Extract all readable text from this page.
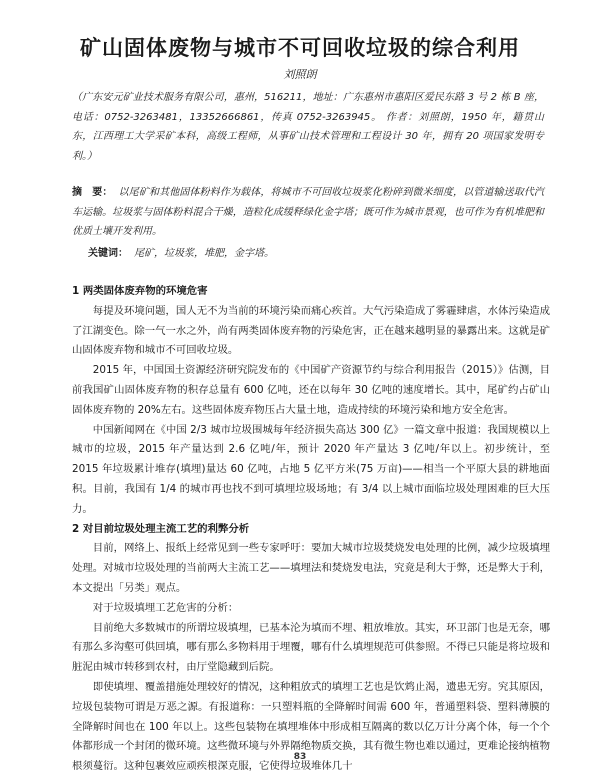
矿山固体废物与城市不可回收垃圾的综合利用
刘照朗
（广东安元矿业技术服务有限公司，惠州，516211，地址：广东惠州市惠阳区爱民东路 3 号 2 栋 B 座，电话：0752-3263481，13352666861，传真 0752-3263945。 作者：刘照朗，1950 年，籍贯山东，江西理工大学采矿本科，高级工程师，从事矿山技术管理和工程设计 30 年，拥有 20 项国家发明专利。）
摘　要： 以尾矿和其他固体粉料作为载体，将城市不可回收垃圾浆化粉碎到微米细度，以管道输送取代汽车运输。垃圾浆与固体粉料混合干燥，造粒化成缓释绿化金字塔；既可作为城市景观，也可作为有机堆肥和优质土壤开发利用。
关键词： 尾矿，垃圾浆，堆肥，金字塔。
1 两类固体废弃物的环境危害

每提及环境问题，国人无不为当前的环境污染而痛心疾首。大气污染造成了雾霾肆虐，水体污染造成了江湖变色。除一气一水之外，尚有两类固体废弃物的污染危害，正在越来越明显的暴露出来。这就是矿山固体废弃物和城市不可回收垃圾。

2015 年，中国国土资源经济研究院发布的《中国矿产资源节约与综合利用报告（2015）》估测，目前我国矿山固体废弃物的积存总量有 600 亿吨，还在以每年 30 亿吨的速度增长。其中，尾矿约占矿山固体废弃物的 20%左右。这些固体废弃物压占大量土地，造成持续的环境污染和地方安全危害。

中国新闻网在《中国 2/3 城市垃圾围城每年经济损失高达 300 亿》一篇文章中报道：我国规模以上城市的垃圾，2015 年产量达到 2.6 亿吨/年，预计 2020 年产量达 3 亿吨/年以上。初步统计，至 2015 年垃圾累计堆存(填埋)量达 60 亿吨，占地 5 亿平方米(75 万亩)——相当一个平原大县的耕地面积。目前，我国有 1/4 的城市再也找不到可填埋垃圾场地；有 3/4 以上城市面临垃圾处理困难的巨大压力。

2 对目前垃圾处理主流工艺的利弊分析

目前，网络上、报纸上经常见到一些专家呼吁：要加大城市垃圾焚烧发电处理的比例，减少垃圾填埋处理。对城市垃圾处理的当前两大主流工艺——填埋法和焚烧发电法，究竟是利大于弊，还是弊大于利，本文提出「另类」观点。

对于垃圾填埋工艺危害的分析：

目前绝大多数城市的所谓垃圾填埋，已基本沦为填而不埋、粗放堆放。其实，环卫部门也是无奈，哪有那么多沟壑可供回填，哪有那么多物料用于埋覆，哪有什么填埋规范可供参照。不得已只能是将垃圾和脏泥由城市转移到农村，由厅堂隐藏到后院。

即使填埋、覆盖措施处理较好的情况，这种粗放式的填埋工艺也是饮鸩止渴，遗患无穷。究其原因，垃圾包装物可谓是万恶之源。有报道称：一只塑料瓶的全降解时间需 600 年，普通塑料袋、塑料薄膜的全降解时间也在 100 年以上。这些包装物在填埋堆体中形成相互隔离的数以亿万计分离个体，每一个个体都形成一个封闭的微环境。这些微环境与外界隔绝物质交换，其有微生物也难以通过，更难论接纳植物根须蔓衍。这种包裹效应顽疾根深克服，它使得垃圾堆体几十

83
